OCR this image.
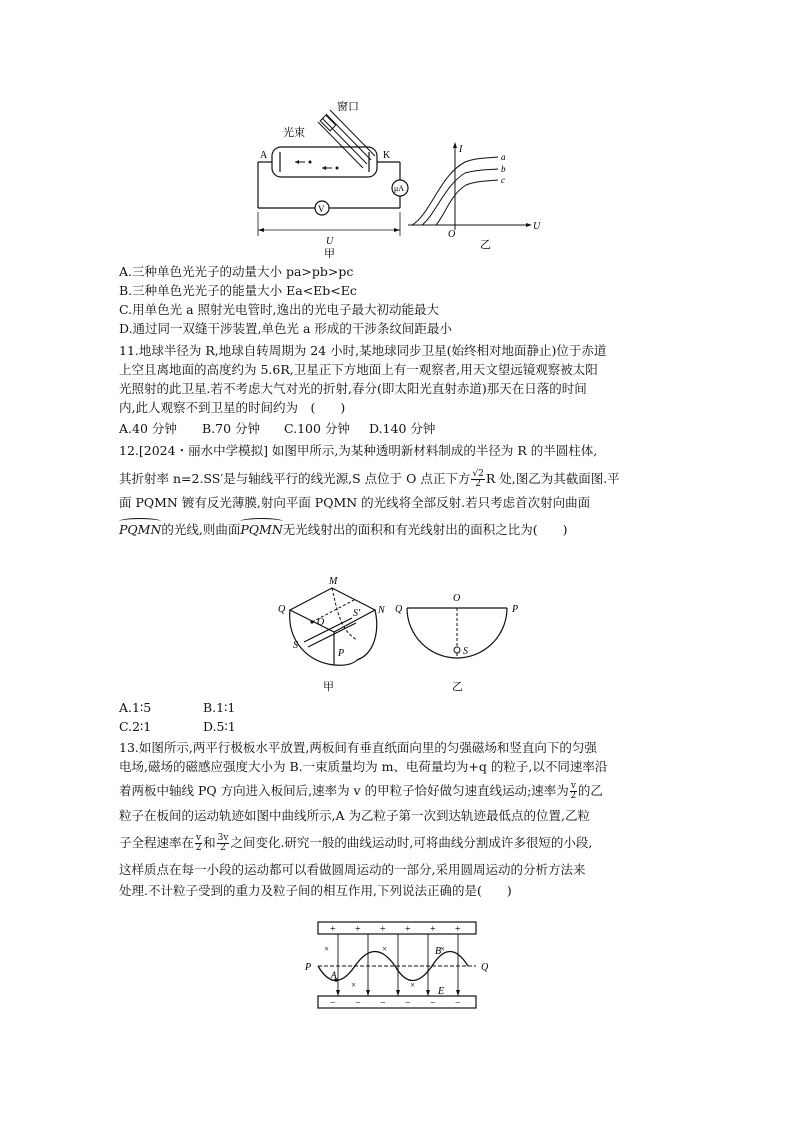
窗口
光束
A	K
μA
V
U
甲
I
U
O
a
b
c
乙
A.三种单色光光子的动量大小 pa>pb>pc
B.三种单色光光子的能量大小 Ea<Eb<Ec
C.用单色光 a 照射光电管时,逸出的光电子最大初动能最大
D.通过同一双缝干涉装置,单色光 a 形成的干涉条纹间距最小
11.地球半径为 R,地球自转周期为 24 小时,某地球同步卫星(始终相对地面静止)位于赤道
上空且离地面的高度约为 5.6R,卫星正下方地面上有一观察者,用天文望远镜观察被太阳
光照射的此卫星.若不考虑大气对光的折射,春分(即太阳光直射赤道)那天在日落的时间
内,此人观察不到卫星的时间约为　(　　)
A.40 分钟 B.70 分钟 C.100 分钟 D.140 分钟
12.[2024・丽水中学模拟] 如图甲所示,为某种透明新材料制成的半径为 R 的半圆柱体,
其折射率 n=2.SS′是与轴线平行的线光源,S 点位于 O 点正下方 $\frac{√2}{2}$ R 处,图乙为其截面图.平
面 PQMN 镀有反光薄膜,射向平面 PQMN 的光线将全部反射.若只考虑首次射向曲面
PQMN的光线,则曲面PQMN无光线射出的面积和有光线射出的面积之比为(　　)
O
M
N
Q
S
S′
P
甲
Q
O
P
S
乙
A.1∶5	B.1∶1
C.2∶1	D.5∶1
13.如图所示,两平行极板水平放置,两板间有垂直纸面向里的匀强磁场和竖直向下的匀强
电场,磁场的磁感应强度大小为 B.一束质量均为 m、电荷量均为+q 的粒子,以不同速率沿
着两板中轴线 PQ 方向进入板间后,速率为 v 的甲粒子恰好做匀速直线运动;速率为 $\frac{v}{2}$ 的乙
粒子在板间的运动轨迹如图中曲线所示,A 为乙粒子第一次到达轨迹最低点的位置,乙粒
子全程速率在 $\frac{v}{2}$ 和 $\frac{3v}{2}$ 之间变化.研究一般的曲线运动时,可将曲线分割成许多很短的小段,
这样质点在每一小段的运动都可以看做圆周运动的一部分,采用圆周运动的分析方法来
处理.不计粒子受到的重力及粒子间的相互作用,下列说法正确的是(　　)
+ + + + + +
− − − − − −
×	×	×
×	×
P	Q
A
B
E
